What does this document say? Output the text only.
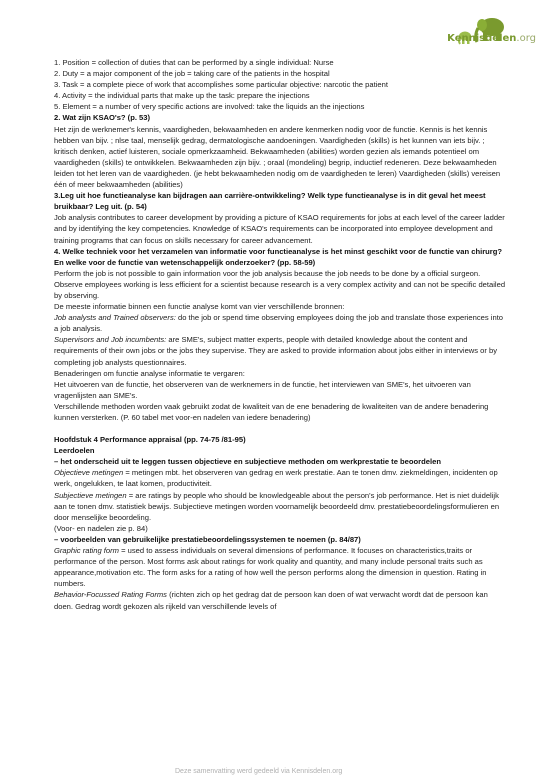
Kennisdelen.org

1. Position = collection of duties that can be performed by a single individual: Nurse

2. Duty = a major component of the job = taking care of the patients in the hospital

3. Task = a complete piece of work that accomplishes some particular objective: narcotic the patient

4. Activity = the individual parts that make up the task: prepare the injections

5. Element = a number of very specific actions are involved: take the liquids an the injections

2. Wat zijn KSAO's? (p. 53)

Het zijn de werknemer's kennis, vaardigheden, bekwaamheden en andere kenmerken nodig voor de functie. Kennis is het kennis hebben van bijv. ; nlse taal, menselijk gedrag, dermatologische aandoeningen. Vaardigheden (skills) is het kunnen van iets bijv. ; kritisch denken, actief luisteren, sociale opmerkzaamheid. Bekwaamheden (abilities) worden gezien als iemands potentieel om vaardigheden (skills) te ontwikkelen. Bekwaamheden zijn bijv. ; oraal (mondeling) begrip, inductief redeneren. Deze bekwaamheden leiden tot het leren van de vaardigheden. (je hebt bekwaamheden nodig om de vaardigheden te leren) Vaardigheden (skills) vereisen één of meer bekwaamheden (abilities)

3.Leg uit hoe functieanalyse kan bijdragen aan carrière-ontwikkeling? Welk type functieanalyse is in dit geval het meest bruikbaar? Leg uit. (p. 54)

Job analysis contributes to career development by providing a picture of KSAO requirements for jobs at each level of the career ladder and by identifying the key competencies. Knowledge of KSAO's requirements can be incorporated into employee development and training programs that can focus on skills necessary for career advancement.

4. Welke techniek voor het verzamelen van informatie voor functieanalyse is het minst geschikt voor de functie van chirurg? En welke voor de functie van wetenschappelijk onderzoeker? (pp. 58-59)

Perform the job is not possible to gain information voor the job analysis because the job needs to be done by a official surgeon.

Observe employees working is less efficient for a scientist because research is a very complex activity and can not be specific detailed by observing.

De meeste informatie binnen een functie analyse komt van vier verschillende bronnen:

Job analysts and Trained observers: do the job or spend time observing employees doing the job and translate those experiences into a job analysis.

Supervisors and Job incumbents: are SME's, subject matter experts, people with detailed knowledge about the content and requirements of their own jobs or the jobs they supervise. They are asked to provide information about jobs either in interviews or by completing job analysts questionnaires.

Benaderingen om functie analyse informatie te vergaren:

Het uitvoeren van de functie, het observeren van de werknemers in de functie, het interviewen van SME's, het uitvoeren van vragenlijsten aan SME's.

Verschillende methoden worden vaak gebruikt zodat de kwaliteit van de ene benadering de kwaliteiten van de andere benadering kunnen versterken. (P. 60 tabel met voor-en nadelen van iedere benadering)

Hoofdstuk 4 Performance appraisal (pp. 74-75 /81-95)

Leerdoelen

– het onderscheid uit te leggen tussen objectieve en subjectieve methoden om werkprestatie te beoordelen

Objectieve metingen = metingen mbt. het observeren van gedrag en werk prestatie. Aan te tonen dmv. ziekmeldingen, incidenten op werk, ongelukken, te laat komen, productiviteit.

Subjectieve metingen = are ratings by people who should be knowledgeable about the person's job performance. Het is niet duidelijk aan te tonen dmv. statistiek bewijs. Subjectieve metingen worden voornamelijk beoordeeld dmv. prestatiebeoordelingsformulieren en door menselijke beoordeling.

(Voor- en nadelen zie p. 84)

– voorbeelden van gebruikelijke prestatiebeoordelingssystemen te noemen (p. 84/87)

Graphic rating form = used to assess individuals on several dimensions of performance. It focuses on characteristics,traits or performance of the person. Most forms ask about ratings for work quality and quantity, and many include personal traits such as appearance,motivation etc. The form asks for a rating of how well the person performs along the dimension in question. Rating in numbers.

Behavior-Focussed Rating Forms (richten zich op het gedrag dat de persoon kan doen of wat verwacht wordt dat de persoon kan doen. Gedrag wordt gekozen als rijkeld van verschillende levels of

Deze samenvatting werd gedeeld via Kennisdelen.org
